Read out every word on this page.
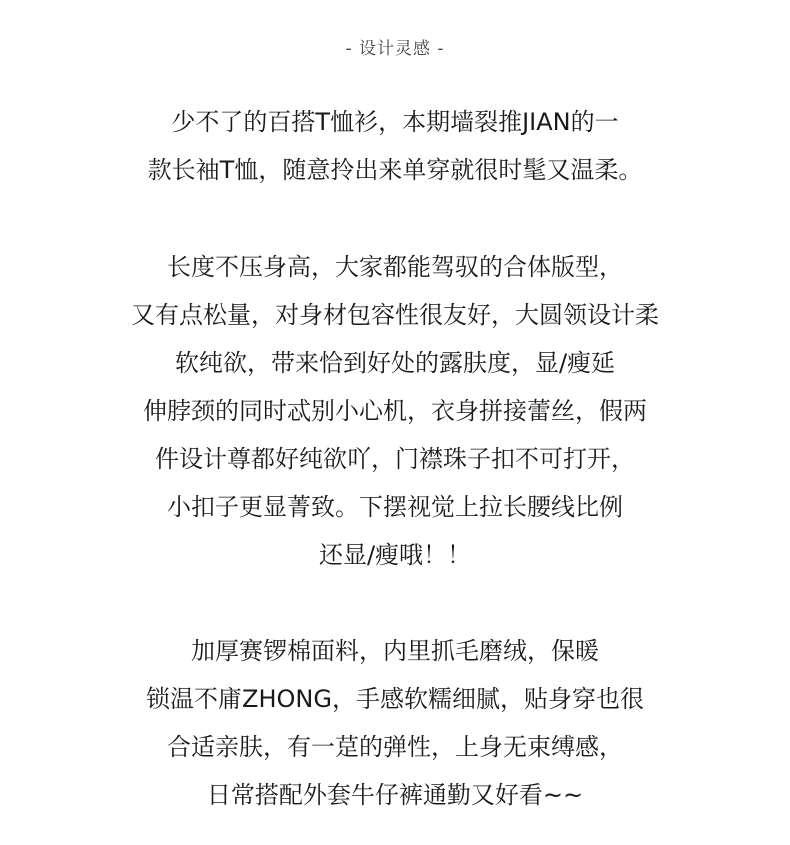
- 设计灵感 -
少不了的百搭T恤衫，本期墙裂推JIAN的一
款长袖T恤，随意拎出来单穿就很时髦又温柔。
长度不压身高，大家都能驾驭的合体版型，
又有点松量，对身材包容性很友好，大圆领设计柔
软纯欲，带来恰到好处的露肤度，显/瘦延
伸脖颈的同时忒别小心机，衣身拼接蕾丝，假两
件设计尊都好纯欲吖，门襟珠子扣不可打开，
小扣子更显菁致。下摆视觉上拉长腰线比例
还显/瘦哦！！
加厚赛锣棉面料，内里抓毛磨绒，保暖
锁温不庯ZHONG，手感软糯细腻，贴身穿也很
合适亲肤，有一莡的弹性，上身无束缚感，
日常搭配外套牛仔裤通勤又好看~~
